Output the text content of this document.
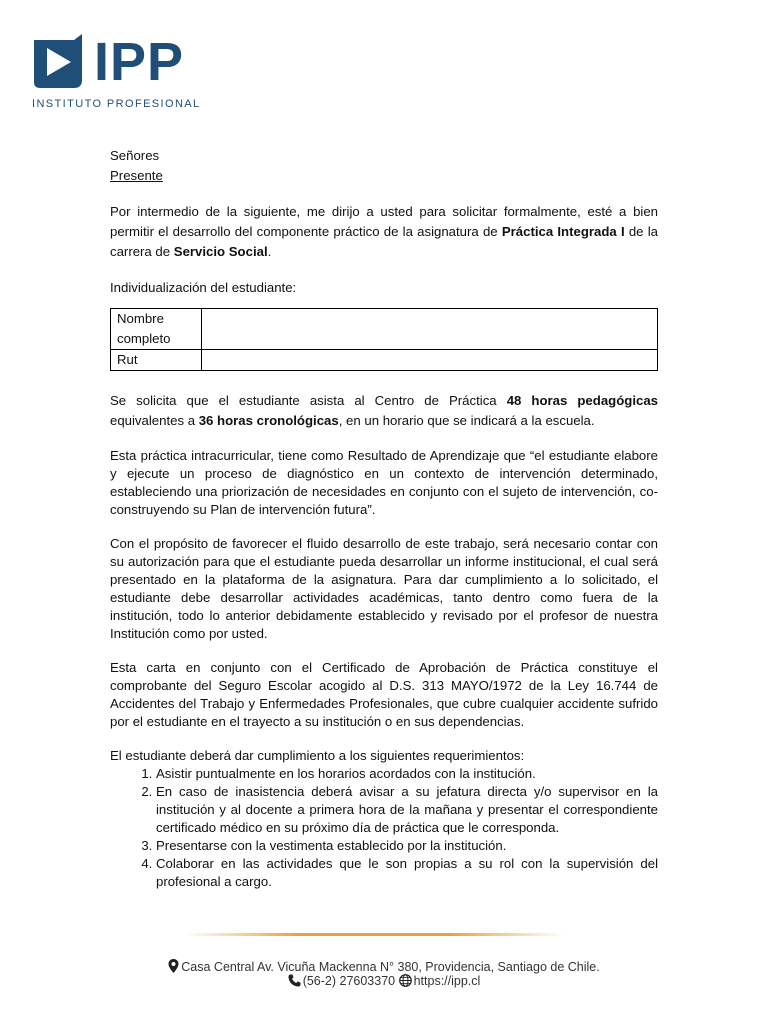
IPP
INSTITUTO PROFESIONAL

Señores

Presente

Por intermedio de la siguiente, me dirijo a usted para solicitar formalmente, esté a bien permitir el desarrollo del componente práctico de la asignatura de Práctica Integrada I de la carrera de Servicio Social.

Individualización del estudiante:

Nombre completo	
Rut	

Se solicita que el estudiante asista al Centro de Práctica 48 horas pedagógicas equivalentes a 36 horas cronológicas, en un horario que se indicará a la escuela.

Esta práctica intracurricular, tiene como Resultado de Aprendizaje que “el estudiante elabore y ejecute un proceso de diagnóstico en un contexto de intervención determinado, estableciendo una priorización de necesidades en conjunto con el sujeto de intervención, co-construyendo su Plan de intervención futura”.

Con el propósito de favorecer el fluido desarrollo de este trabajo, será necesario contar con su autorización para que el estudiante pueda desarrollar un informe institucional, el cual será presentado en la plataforma de la asignatura. Para dar cumplimiento a lo solicitado, el estudiante debe desarrollar actividades académicas, tanto dentro como fuera de la institución, todo lo anterior debidamente establecido y revisado por el profesor de nuestra Institución como por usted.

Esta carta en conjunto con el Certificado de Aprobación de Práctica constituye el comprobante del Seguro Escolar acogido al D.S. 313 MAYO/1972 de la Ley 16.744 de Accidentes del Trabajo y Enfermedades Profesionales, que cubre cualquier accidente sufrido por el estudiante en el trayecto a su institución o en sus dependencias.

El estudiante deberá dar cumplimiento a los siguientes requerimientos:

1. Asistir puntualmente en los horarios acordados con la institución.
2. En caso de inasistencia deberá avisar a su jefatura directa y/o supervisor en la institución y al docente a primera hora de la mañana y presentar el correspondiente certificado médico en su próximo día de práctica que le corresponda.
3. Presentarse con la vestimenta establecido por la institución.
4. Colaborar en las actividades que le son propias a su rol con la supervisión del profesional a cargo.
Casa Central Av. Vicuña Mackenna N° 380, Providencia, Santiago de Chile.
(56-2) 27603370 https://ipp.cl
